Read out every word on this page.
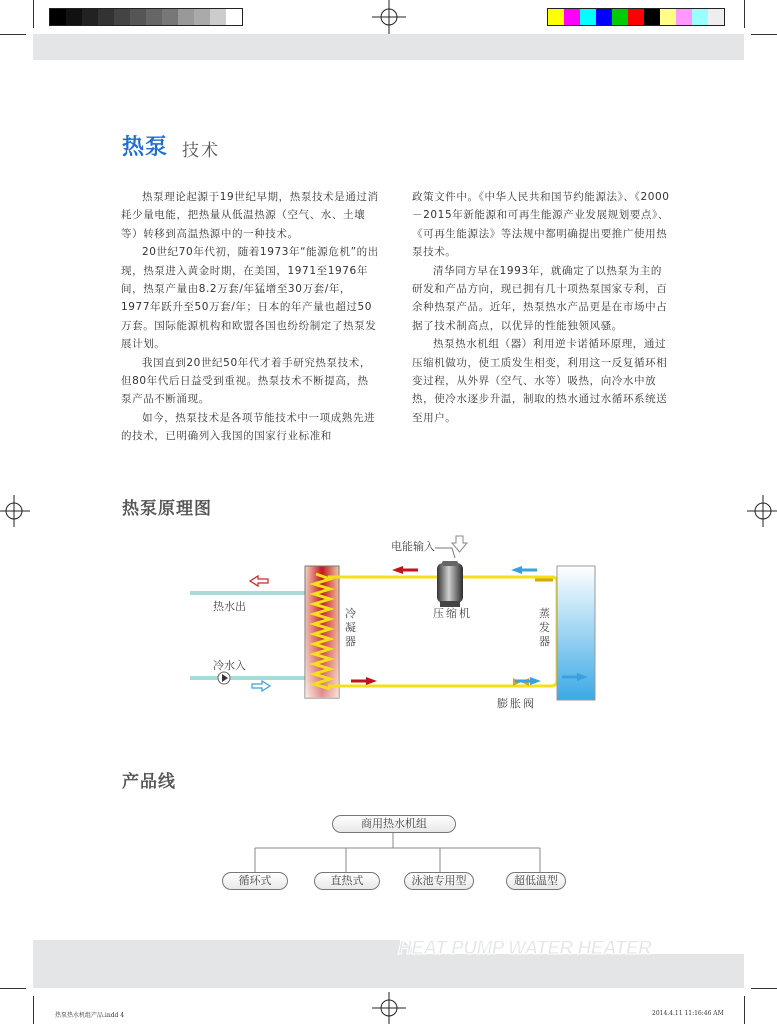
热泵 技术

热泵理论起源于19世纪早期，热泵技术是通过消耗少量电能，把热量从低温热源（空气、水、土壤等）转移到高温热源中的一种技术。

20世纪70年代初，随着1973年“能源危机”的出现，热泵进入黄金时期，在美国，1971至1976年间，热泵产量由8.2万套/年猛增至30万套/年，1977年跃升至50万套/年；日本的年产量也超过50万套。国际能源机构和欧盟各国也纷纷制定了热泵发展计划。

我国直到20世纪50年代才着手研究热泵技术，但80年代后日益受到重视。热泵技术不断提高，热泵产品不断涌现。

如今，热泵技术是各项节能技术中一项成熟先进的技术，已明确列入我国的国家行业标准和

政策文件中。《中华人民共和国节约能源法》、《2000－2015年新能源和可再生能源产业发展规划要点》、《可再生能源法》等法规中都明确提出要推广使用热泵技术。

清华同方早在1993年，就确定了以热泵为主的研发和产品方向，现已拥有几十项热泵国家专利，百余种热泵产品。近年，热泵热水产品更是在市场中占据了技术制高点，以优异的性能独领风骚。

热泵热水机组（器）利用逆卡诺循环原理，通过压缩机做功，使工质发生相变，利用这一反复循环相变过程，从外界（空气、水等）吸热，向冷水中放热，使冷水逐步升温，制取的热水通过水循环系统送至用户。

热泵原理图
电能输入
热水出
冷水入
冷凝器
压缩机	蒸发器
膨胀阀
产品线
商用热水机组
循环式	直热式	泳池专用型	超低温型
HEAT PUMP WATER HEATER
热泵热水机组产品.indd 4	2014.4.11 11:16:46 AM
